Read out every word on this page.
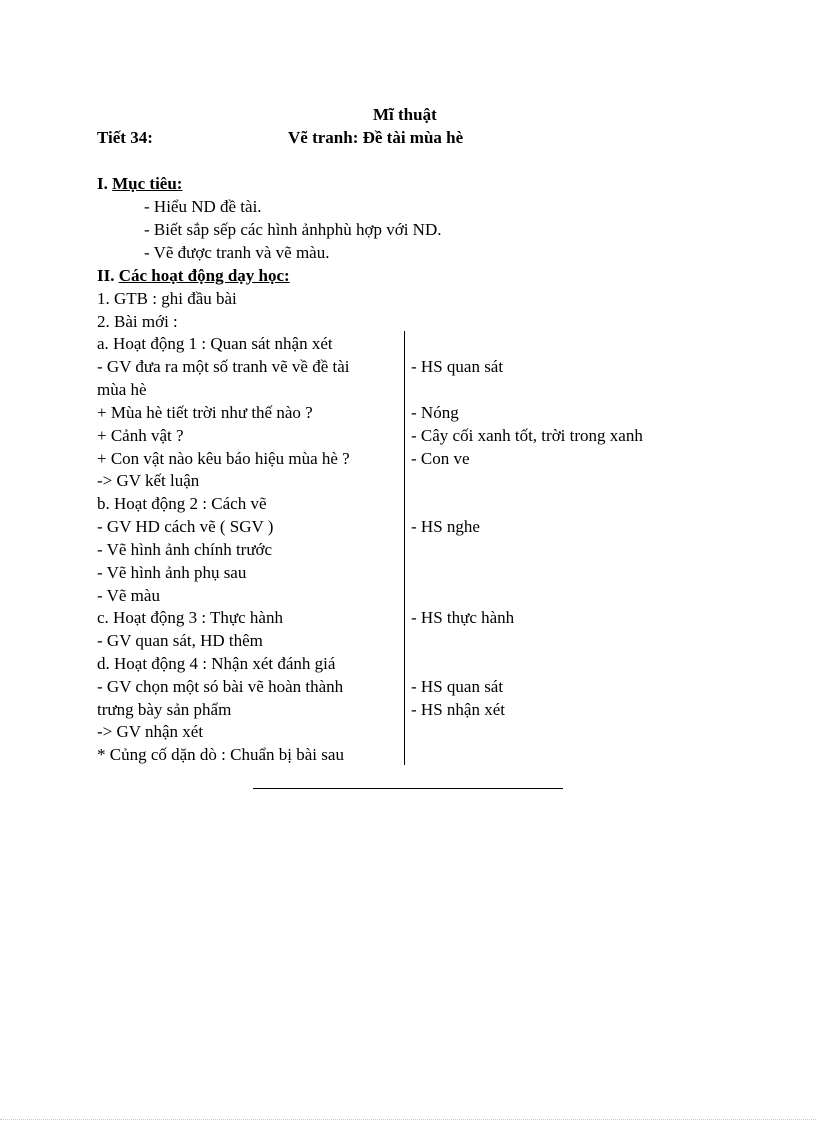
Mĩ thuật
Tiết 34:	Vẽ tranh: Đề tài mùa hè
I. Mục tiêu:
- Hiểu ND đề tài.
- Biết sắp sếp các hình ảnhphù hợp với ND.
- Vẽ được tranh và vẽ màu.
II. Các hoạt động dạy học:
1. GTB : ghi đầu bài
2. Bài mới :
a. Hoạt động 1 : Quan sát nhận xét
- GV đưa ra một số tranh vẽ về đề tài
mùa hè
+ Mùa hè tiết trời như thế nào ?
+ Cảnh vật ?
+ Con vật nào kêu báo hiệu mùa hè ?
-> GV kết luận
b. Hoạt động 2 : Cách vẽ
- GV HD cách vẽ ( SGV )
- Vẽ hình ảnh chính trước
- Vẽ hình ảnh phụ sau
- Vẽ màu
c. Hoạt động 3 : Thực hành
- GV quan sát, HD thêm
d. Hoạt động 4 : Nhận xét đánh giá
- GV chọn một só bài vẽ hoàn thành
trưng bày sản phẩm
-> GV nhận xét
* Củng cố dặn dò : Chuẩn bị bài sau
- HS quan sát
- Nóng
- Cây cối xanh tốt, trời trong xanh
- Con ve
- HS nghe
- HS thực hành
- HS quan sát
- HS nhận xét
